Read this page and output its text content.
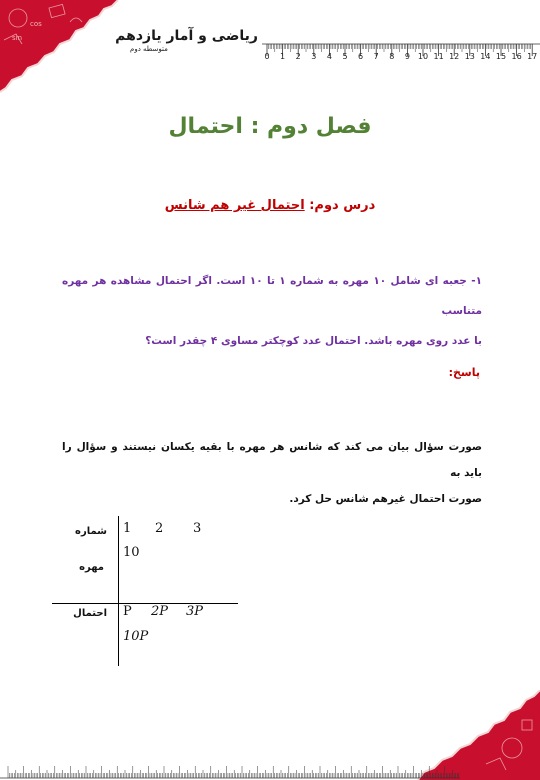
sin
cos
ریاضی و آمار یازدهم
متوسطه دوم
0 1 2 3 4 5 6 7 8 9 10 11 12 13 14 15 16 17
فصل دوم : احتمال
درس دوم: احتمال غیر هم شانس
۱- جعبه ای شامل ۱۰ مهره به شماره ۱ تا ۱۰ است. اگر احتمال مشاهده هر مهره متناسب
با عدد روی مهره باشد. احتمال عدد کوچکتر مساوی ۴ چقدر است؟
پاسخ:
صورت سؤال بیان می کند که شانس هر مهره با بقیه یکسان نیستند و سؤال را باید به
صورت احتمال غیرهم شانس حل کرد.
شماره
مهره
احتمال
1 2 3
10
P 2P 3P
10P
